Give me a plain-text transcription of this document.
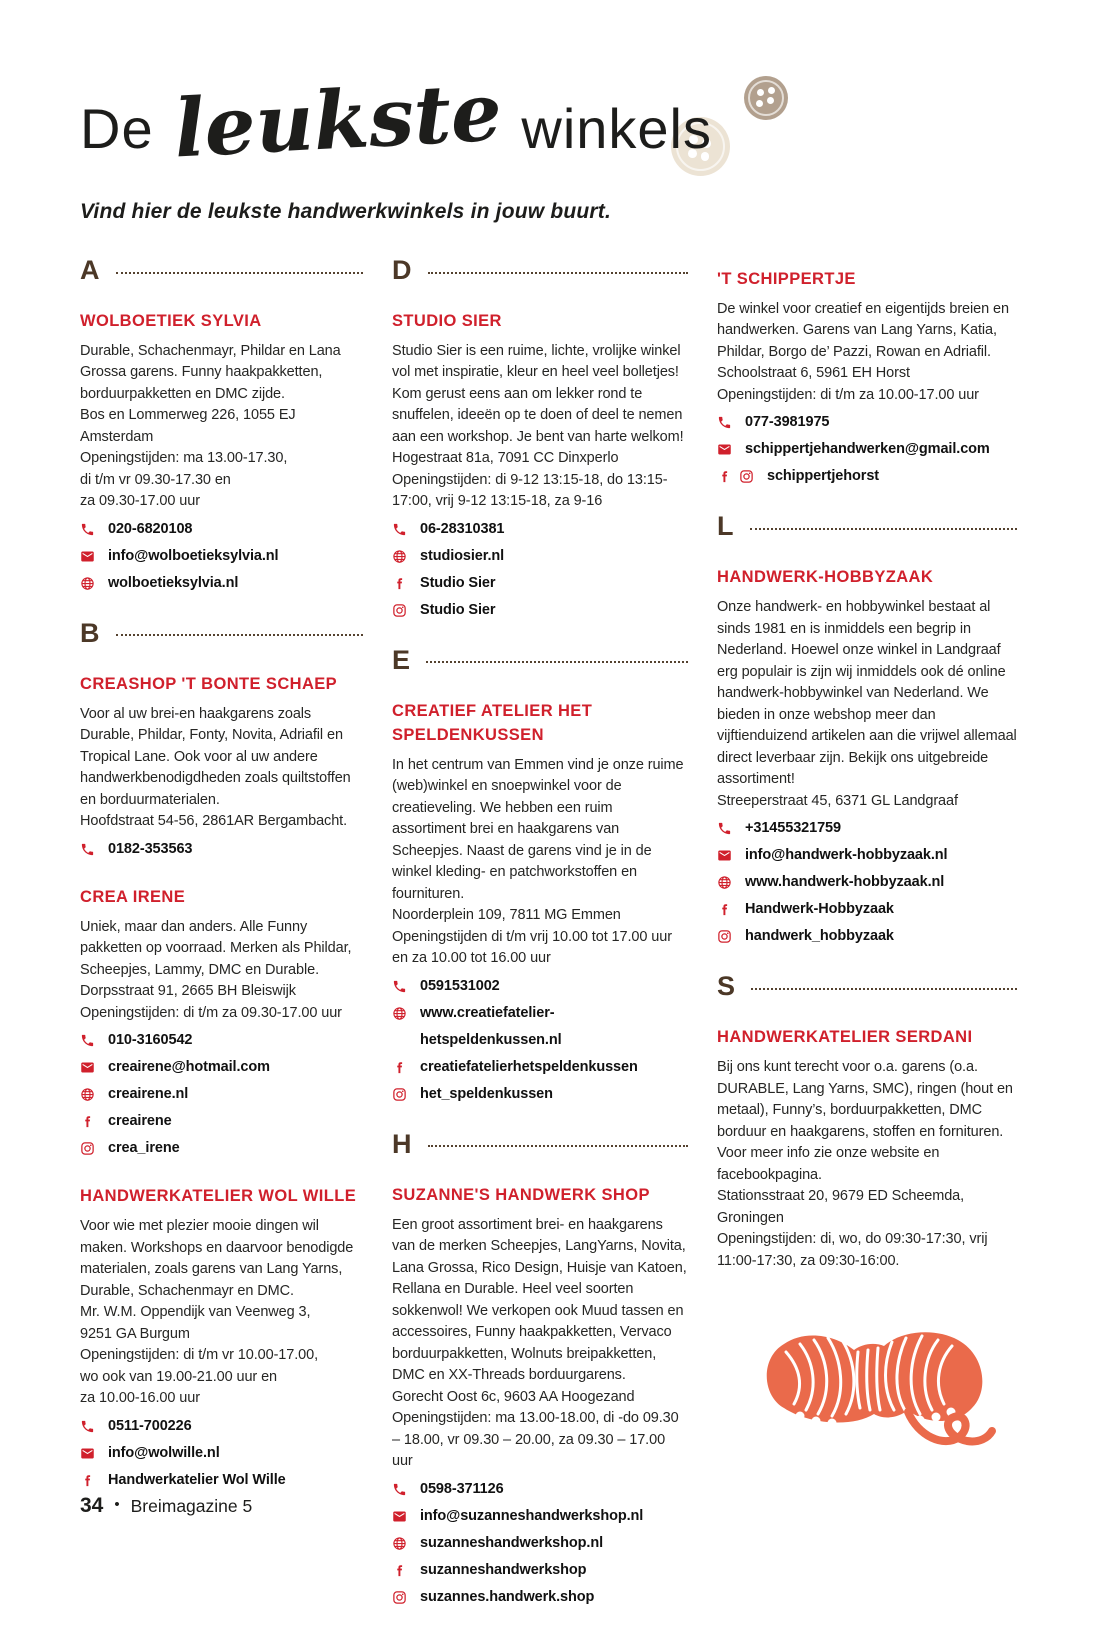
De leukste winkels

Vind hier de leukste handwerkwinkels in jouw buurt.

A
WOLBOETIEK SYLVIA
Durable, Schachenmayr, Phildar en Lana Grossa garens. Funny haakpakketten, borduurpakketten en DMC zijde.
Bos en Lommerweg 226, 1055 EJ Amsterdam
Openingstijden: ma 13.00-17.30,
di t/m vr 09.30-17.30 en
za 09.30-17.00 uur
020-6820108
info@wolboetieksylvia.nl
wolboetieksylvia.nl
B
CREASHOP 'T BONTE SCHAEP
Voor al uw brei-en haakgarens zoals Durable, Phildar, Fonty, Novita, Adriafil en Tropical Lane. Ook voor al uw andere handwerkbenodigdheden zoals quiltstoffen en borduurmaterialen.
Hoofdstraat 54-56, 2861AR Bergambacht.
0182-353563
CREA IRENE
Uniek, maar dan anders. Alle Funny pakketten op voorraad. Merken als Phildar, Scheepjes, Lammy, DMC en Durable.
Dorpsstraat 91, 2665 BH Bleiswijk
Openingstijden: di t/m za 09.30-17.00 uur
010-3160542
creairene@hotmail.com
creairene.nl
creairene
crea_irene
HANDWERKATELIER WOL WILLE
Voor wie met plezier mooie dingen wil maken. Workshops en daarvoor benodigde materialen, zoals garens van Lang Yarns, Durable, Schachenmayr en DMC.
Mr. W.M. Oppendijk van Veenweg 3,
9251 GA Burgum
Openingstijden: di t/m vr 10.00-17.00,
wo ook van 19.00-21.00 uur en
za 10.00-16.00 uur
0511-700226
info@wolwille.nl
Handwerkatelier Wol Wille
D
STUDIO SIER
Studio Sier is een ruime, lichte, vrolijke winkel vol met inspiratie, kleur en heel veel bolletjes! Kom gerust eens aan om lekker rond te snuffelen, ideeën op te doen of deel te nemen aan een workshop. Je bent van harte welkom!
Hogestraat 81a, 7091 CC Dinxperlo
Openingstijden: di 9-12 13:15-18, do 13:15-17:00, vrij 9-12 13:15-18, za 9-16
06-28310381
studiosier.nl
Studio Sier
Studio Sier
E
CREATIEF ATELIER HET SPELDENKUSSEN
In het centrum van Emmen vind je onze ruime (web)winkel en snoepwinkel voor de creatieveling. We hebben een ruim assortiment brei en haakgarens van Scheepjes. Naast de garens vind je in de winkel kleding- en patchworkstoffen en fournituren.
Noorderplein 109, 7811 MG Emmen
Openingstijden di t/m vrij 10.00 tot 17.00 uur en za 10.00 tot 16.00 uur
0591531002
www.creatiefatelier-hetspeldenkussen.nl
creatiefatelierhetspeldenkussen
het_speldenkussen
H
SUZANNE'S HANDWERK SHOP
Een groot assortiment brei- en haakgarens van de merken Scheepjes, LangYarns, Novita, Lana Grossa, Rico Design, Huisje van Katoen, Rellana en Durable. Heel veel soorten sokkenwol! We verkopen ook Muud tassen en accessoires, Funny haakpakketten, Vervaco borduurpakketten, Wolnuts breipakketten, DMC en XX-Threads borduurgarens.
Gorecht Oost 6c, 9603 AA Hoogezand
Openingstijden: ma 13.00-18.00, di -do 09.30 – 18.00, vr 09.30 – 20.00, za 09.30 – 17.00 uur
0598-371126
info@suzanneshandwerkshop.nl
suzanneshandwerkshop.nl
suzanneshandwerkshop
suzannes.handwerk.shop
'T SCHIPPERTJE
De winkel voor creatief en eigentijds breien en handwerken. Garens van Lang Yarns, Katia, Phildar, Borgo de’ Pazzi, Rowan en Adriafil.
Schoolstraat 6, 5961 EH Horst
Openingstijden: di t/m za 10.00-17.00 uur
077-3981975
schippertjehandwerken@gmail.com
schippertjehorst
L
HANDWERK-HOBBYZAAK
Onze handwerk- en hobbywinkel bestaat al sinds 1981 en is inmiddels een begrip in Nederland. Hoewel onze winkel in Landgraaf erg populair is zijn wij inmiddels ook dé online handwerk-hobbywinkel van Nederland. We bieden in onze webshop meer dan vijftienduizend artikelen aan die vrijwel allemaal direct leverbaar zijn. Bekijk ons uitgebreide assortiment!
Streeperstraat 45, 6371 GL Landgraaf
+31455321759
info@handwerk-hobbyzaak.nl
www.handwerk-hobbyzaak.nl
Handwerk-Hobbyzaak
handwerk_hobbyzaak
S
HANDWERKATELIER SERDANI
Bij ons kunt terecht voor o.a. garens (o.a. DURABLE, Lang Yarns, SMC), ringen (hout en metaal), Funny’s, borduurpakketten, DMC borduur en haakgarens, stoffen en fornituren. Voor meer info zie onze website en facebookpagina.
Stationsstraat 20, 9679 ED Scheemda, Groningen
Openingstijden: di, wo, do 09:30-17:30, vrij 11:00-17:30, za 09:30-16:00.
34 • Breimagazine 5
